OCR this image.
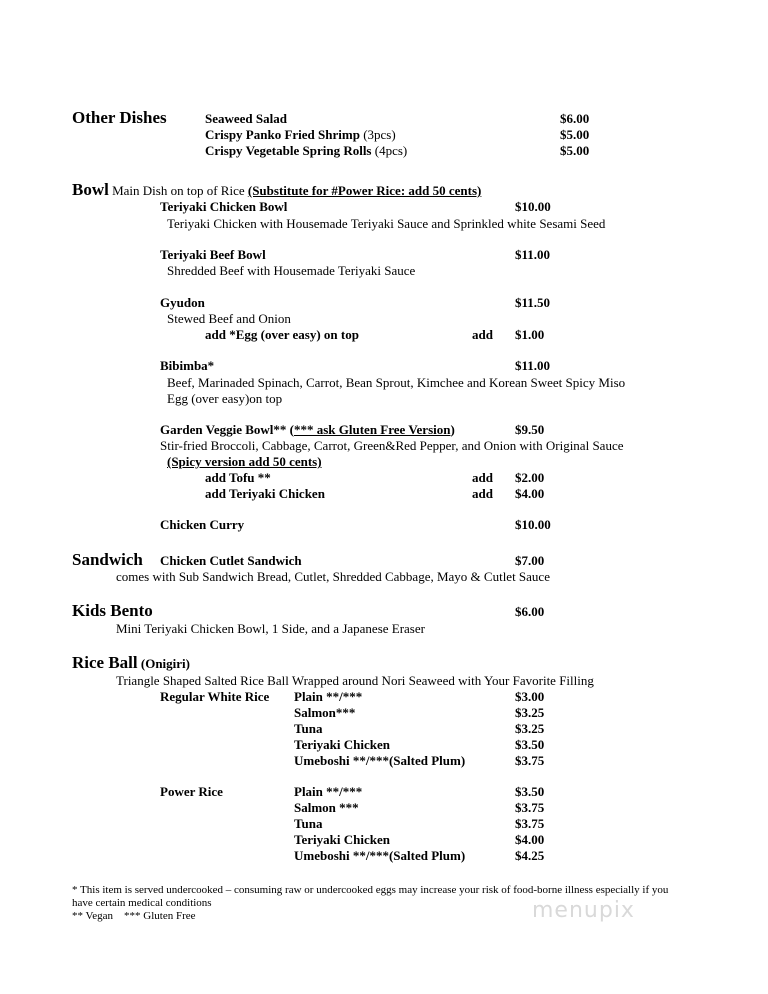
Other Dishes	Seaweed Salad	$6.00
Crispy Panko Fried Shrimp (3pcs)	$5.00
Crispy Vegetable Spring Rolls (4pcs)	$5.00
Bowl Main Dish on top of Rice (Substitute for #Power Rice: add 50 cents)
Teriyaki Chicken Bowl	$10.00
Teriyaki Chicken with Housemade Teriyaki Sauce and Sprinkled white Sesami Seed
Teriyaki Beef Bowl	$11.00
Shredded Beef with Housemade Teriyaki Sauce
Gyudon	$11.50
Stewed Beef and Onion
add *Egg (over easy) on top	add $1.00
Bibimba*	$11.00
Beef, Marinaded Spinach, Carrot, Bean Sprout, Kimchee and Korean Sweet Spicy Miso
Egg (over easy)on top
Garden Veggie Bowl** (*** ask Gluten Free Version)	$9.50
Stir-fried Broccoli, Cabbage, Carrot, Green&Red Pepper, and Onion with Original Sauce
(Spicy version add 50 cents)
add Tofu **	add $2.00
add Teriyaki Chicken	add $4.00
Chicken Curry	$10.00
Sandwich Chicken Cutlet Sandwich	$7.00
comes with Sub Sandwich Bread, Cutlet, Shredded Cabbage, Mayo & Cutlet Sauce
Kids Bento	$6.00
Mini Teriyaki Chicken Bowl, 1 Side, and a Japanese Eraser
Rice Ball (Onigiri)
Triangle Shaped Salted Rice Ball Wrapped around Nori Seaweed with Your Favorite Filling
Regular White Rice Plain **/***	$3.00
Salmon***	$3.25
Tuna	$3.25
Teriyaki Chicken	$3.50
Umeboshi **/***(Salted Plum)	$3.75
Power Rice	Plain **/***	$3.50
Salmon ***	$3.75
Tuna	$3.75
Teriyaki Chicken	$4.00
Umeboshi **/***(Salted Plum)	$4.25
* This item is served undercooked – consuming raw or undercooked eggs may increase your risk of food-borne illness especially if you
have certain medical conditions
** Vegan    *** Gluten Free	menupix
